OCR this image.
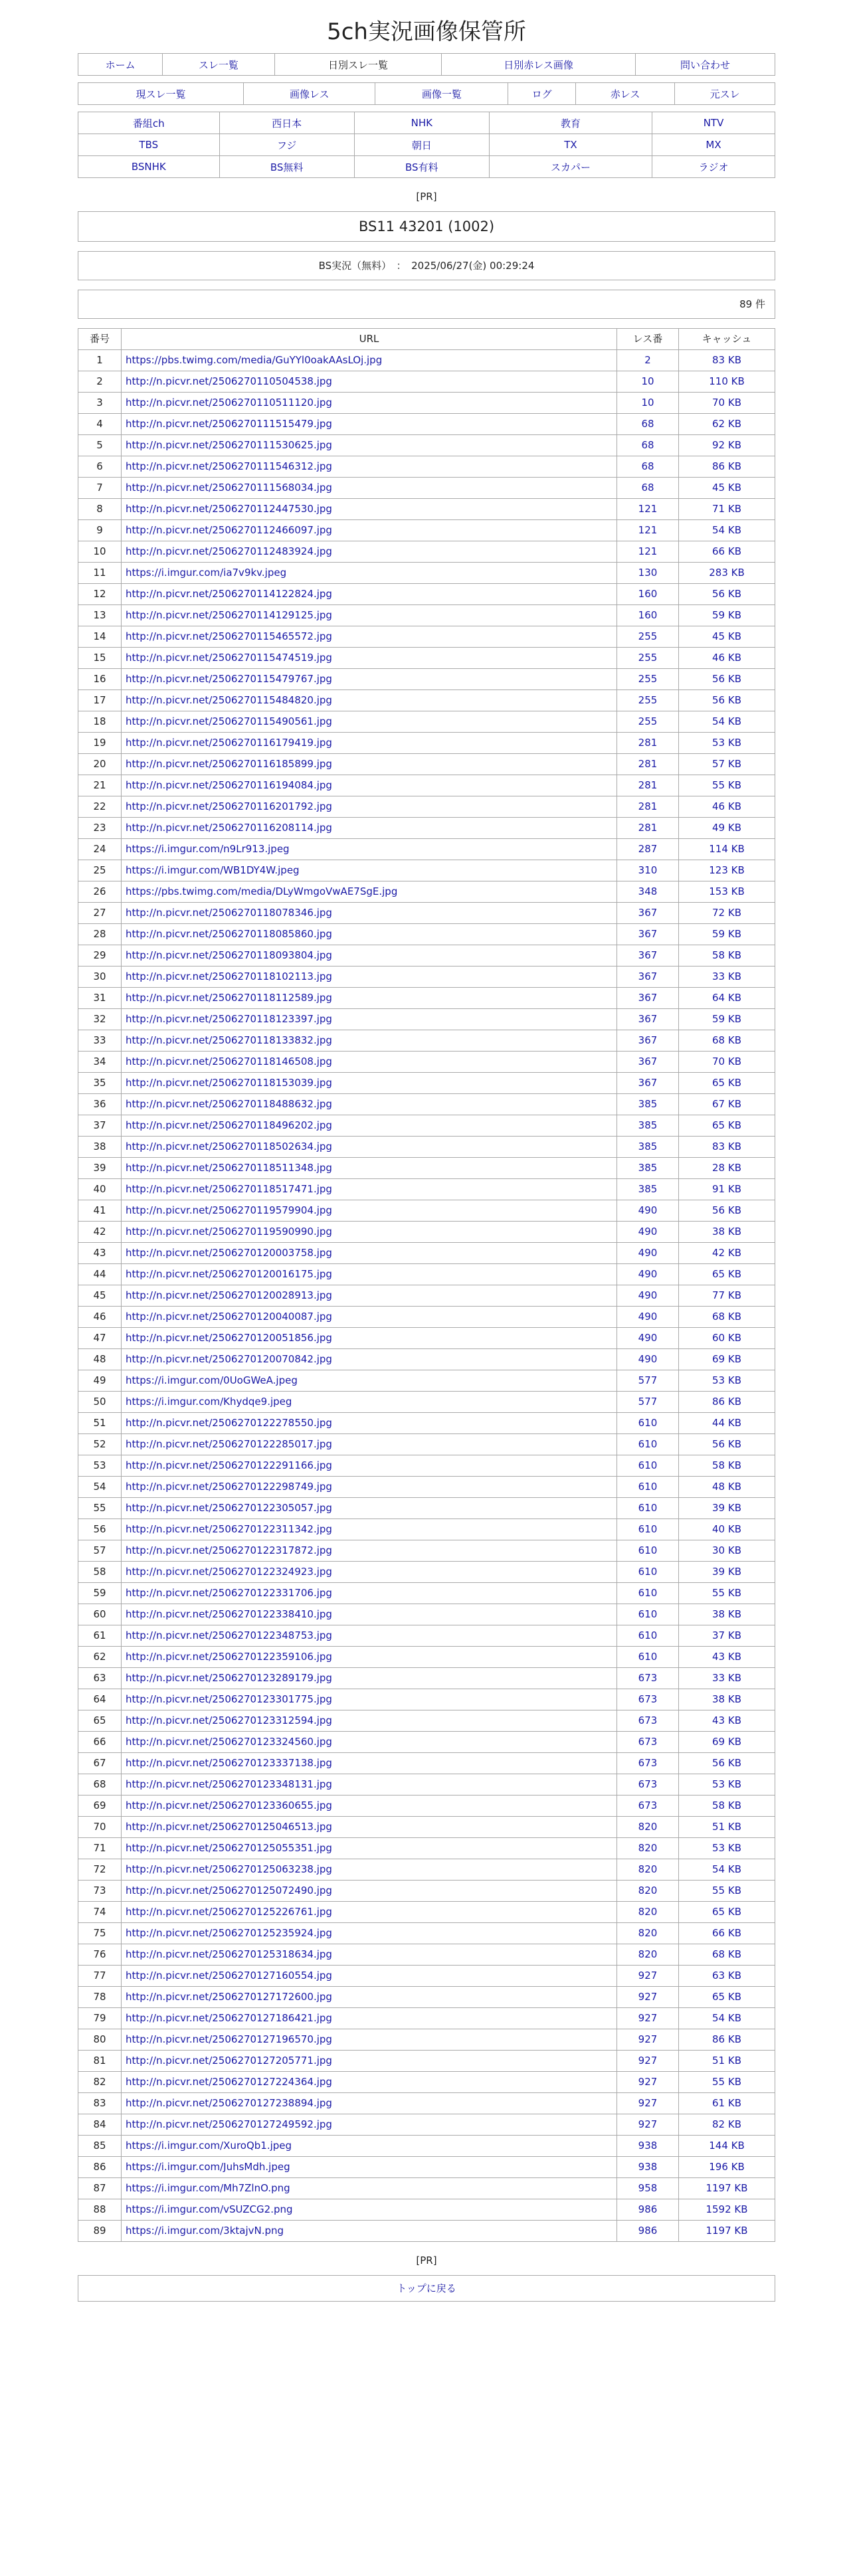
5ch実況画像保管所
ホーム	スレ一覧	日別スレ一覧	日別赤レス画像	問い合わせ
現スレ一覧	画像レス	画像一覧	ログ	赤レス	元スレ
番組ch	西日本	NHK	教育	NTV
TBS	フジ	朝日	TX	MX
BSNHK	BS無料	BS有料	スカパー	ラジオ
[PR]
BS11 43201 (1002)
BS実況（無料）　：　2025/06/27(金) 00:29:24
89 件
番号	URL	レス番	キャッシュ
1	https://pbs.twimg.com/media/GuYYl0oakAAsLOj.jpg	2	83 KB
2	http://n.picvr.net/2506270110504538.jpg	10	110 KB
3	http://n.picvr.net/2506270110511120.jpg	10	70 KB
4	http://n.picvr.net/2506270111515479.jpg	68	62 KB
5	http://n.picvr.net/2506270111530625.jpg	68	92 KB
6	http://n.picvr.net/2506270111546312.jpg	68	86 KB
7	http://n.picvr.net/2506270111568034.jpg	68	45 KB
8	http://n.picvr.net/2506270112447530.jpg	121	71 KB
9	http://n.picvr.net/2506270112466097.jpg	121	54 KB
10	http://n.picvr.net/2506270112483924.jpg	121	66 KB
11	https://i.imgur.com/ia7v9kv.jpeg	130	283 KB
12	http://n.picvr.net/2506270114122824.jpg	160	56 KB
13	http://n.picvr.net/2506270114129125.jpg	160	59 KB
14	http://n.picvr.net/2506270115465572.jpg	255	45 KB
15	http://n.picvr.net/2506270115474519.jpg	255	46 KB
16	http://n.picvr.net/2506270115479767.jpg	255	56 KB
17	http://n.picvr.net/2506270115484820.jpg	255	56 KB
18	http://n.picvr.net/2506270115490561.jpg	255	54 KB
19	http://n.picvr.net/2506270116179419.jpg	281	53 KB
20	http://n.picvr.net/2506270116185899.jpg	281	57 KB
21	http://n.picvr.net/2506270116194084.jpg	281	55 KB
22	http://n.picvr.net/2506270116201792.jpg	281	46 KB
23	http://n.picvr.net/2506270116208114.jpg	281	49 KB
24	https://i.imgur.com/n9Lr913.jpeg	287	114 KB
25	https://i.imgur.com/WB1DY4W.jpeg	310	123 KB
26	https://pbs.twimg.com/media/DLyWmgoVwAE7SgE.jpg	348	153 KB
27	http://n.picvr.net/2506270118078346.jpg	367	72 KB
28	http://n.picvr.net/2506270118085860.jpg	367	59 KB
29	http://n.picvr.net/2506270118093804.jpg	367	58 KB
30	http://n.picvr.net/2506270118102113.jpg	367	33 KB
31	http://n.picvr.net/2506270118112589.jpg	367	64 KB
32	http://n.picvr.net/2506270118123397.jpg	367	59 KB
33	http://n.picvr.net/2506270118133832.jpg	367	68 KB
34	http://n.picvr.net/2506270118146508.jpg	367	70 KB
35	http://n.picvr.net/2506270118153039.jpg	367	65 KB
36	http://n.picvr.net/2506270118488632.jpg	385	67 KB
37	http://n.picvr.net/2506270118496202.jpg	385	65 KB
38	http://n.picvr.net/2506270118502634.jpg	385	83 KB
39	http://n.picvr.net/2506270118511348.jpg	385	28 KB
40	http://n.picvr.net/2506270118517471.jpg	385	91 KB
41	http://n.picvr.net/2506270119579904.jpg	490	56 KB
42	http://n.picvr.net/2506270119590990.jpg	490	38 KB
43	http://n.picvr.net/2506270120003758.jpg	490	42 KB
44	http://n.picvr.net/2506270120016175.jpg	490	65 KB
45	http://n.picvr.net/2506270120028913.jpg	490	77 KB
46	http://n.picvr.net/2506270120040087.jpg	490	68 KB
47	http://n.picvr.net/2506270120051856.jpg	490	60 KB
48	http://n.picvr.net/2506270120070842.jpg	490	69 KB
49	https://i.imgur.com/0UoGWeA.jpeg	577	53 KB
50	https://i.imgur.com/Khydqe9.jpeg	577	86 KB
51	http://n.picvr.net/2506270122278550.jpg	610	44 KB
52	http://n.picvr.net/2506270122285017.jpg	610	56 KB
53	http://n.picvr.net/2506270122291166.jpg	610	58 KB
54	http://n.picvr.net/2506270122298749.jpg	610	48 KB
55	http://n.picvr.net/2506270122305057.jpg	610	39 KB
56	http://n.picvr.net/2506270122311342.jpg	610	40 KB
57	http://n.picvr.net/2506270122317872.jpg	610	30 KB
58	http://n.picvr.net/2506270122324923.jpg	610	39 KB
59	http://n.picvr.net/2506270122331706.jpg	610	55 KB
60	http://n.picvr.net/2506270122338410.jpg	610	38 KB
61	http://n.picvr.net/2506270122348753.jpg	610	37 KB
62	http://n.picvr.net/2506270122359106.jpg	610	43 KB
63	http://n.picvr.net/2506270123289179.jpg	673	33 KB
64	http://n.picvr.net/2506270123301775.jpg	673	38 KB
65	http://n.picvr.net/2506270123312594.jpg	673	43 KB
66	http://n.picvr.net/2506270123324560.jpg	673	69 KB
67	http://n.picvr.net/2506270123337138.jpg	673	56 KB
68	http://n.picvr.net/2506270123348131.jpg	673	53 KB
69	http://n.picvr.net/2506270123360655.jpg	673	58 KB
70	http://n.picvr.net/2506270125046513.jpg	820	51 KB
71	http://n.picvr.net/2506270125055351.jpg	820	53 KB
72	http://n.picvr.net/2506270125063238.jpg	820	54 KB
73	http://n.picvr.net/2506270125072490.jpg	820	55 KB
74	http://n.picvr.net/2506270125226761.jpg	820	65 KB
75	http://n.picvr.net/2506270125235924.jpg	820	66 KB
76	http://n.picvr.net/2506270125318634.jpg	820	68 KB
77	http://n.picvr.net/2506270127160554.jpg	927	63 KB
78	http://n.picvr.net/2506270127172600.jpg	927	65 KB
79	http://n.picvr.net/2506270127186421.jpg	927	54 KB
80	http://n.picvr.net/2506270127196570.jpg	927	86 KB
81	http://n.picvr.net/2506270127205771.jpg	927	51 KB
82	http://n.picvr.net/2506270127224364.jpg	927	55 KB
83	http://n.picvr.net/2506270127238894.jpg	927	61 KB
84	http://n.picvr.net/2506270127249592.jpg	927	82 KB
85	https://i.imgur.com/XuroQb1.jpeg	938	144 KB
86	https://i.imgur.com/JuhsMdh.jpeg	938	196 KB
87	https://i.imgur.com/Mh7ZlnO.png	958	1197 KB
88	https://i.imgur.com/vSUZCG2.png	986	1592 KB
89	https://i.imgur.com/3ktajvN.png	986	1197 KB
[PR]
トップに戻る
